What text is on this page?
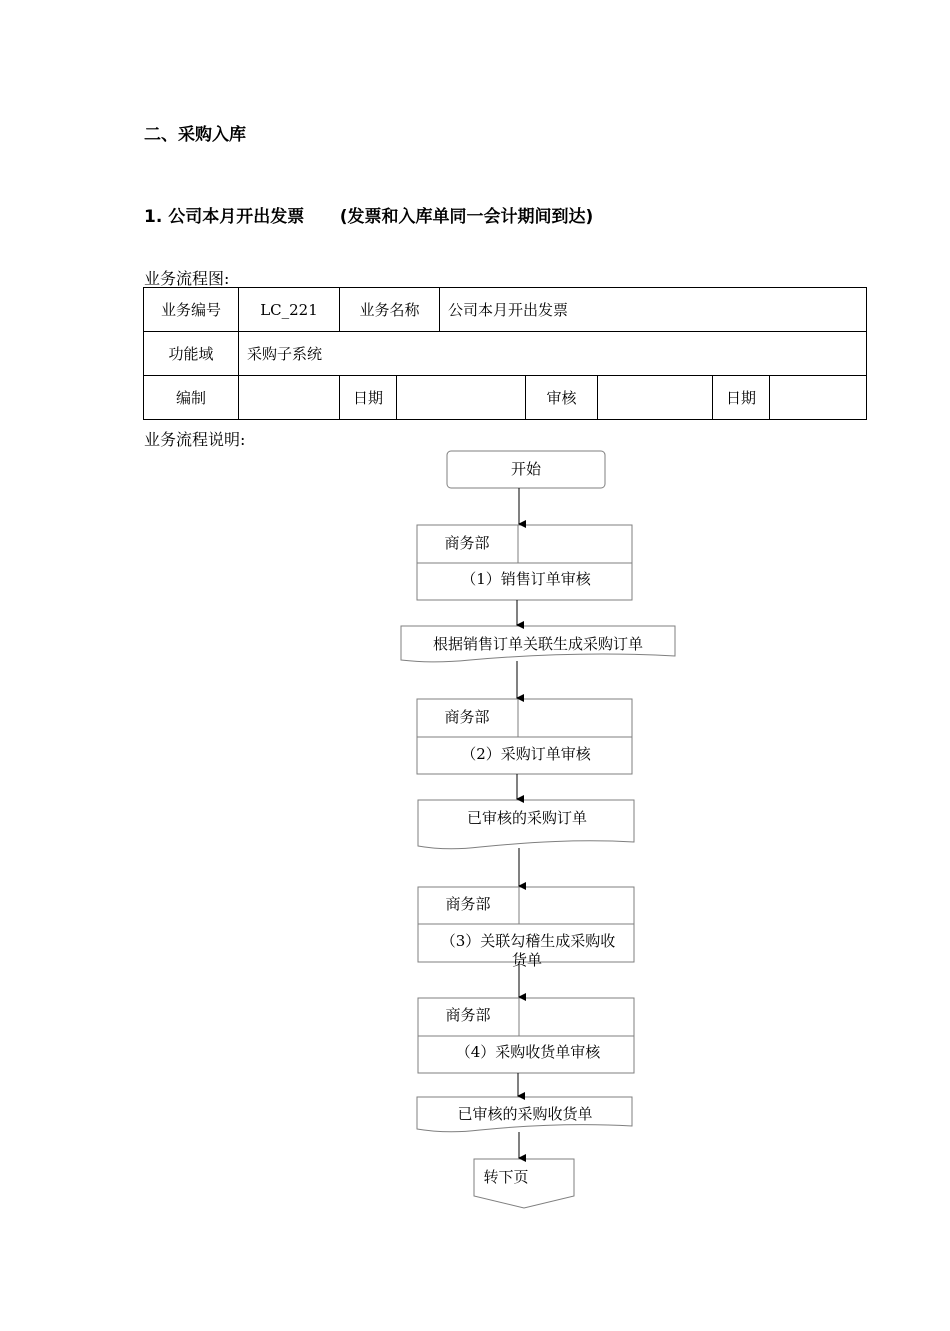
二、采购入库
1. 公司本月开出发票      (发票和入库单同一会计期间到达)
业务流程图:
业务编号	LC_221	业务名称		公司本月开出发票				
功能域	采购子系统							
编制		日期			审核		日期	
业务流程说明:
开始
商务部
（1）销售订单审核
根据销售订单关联生成采购订单
商务部
（2）采购订单审核
已审核的采购订单
商务部
（3）关联勾稽生成采购收
货单
商务部
（4）采购收货单审核
已审核的采购收货单
转下页
